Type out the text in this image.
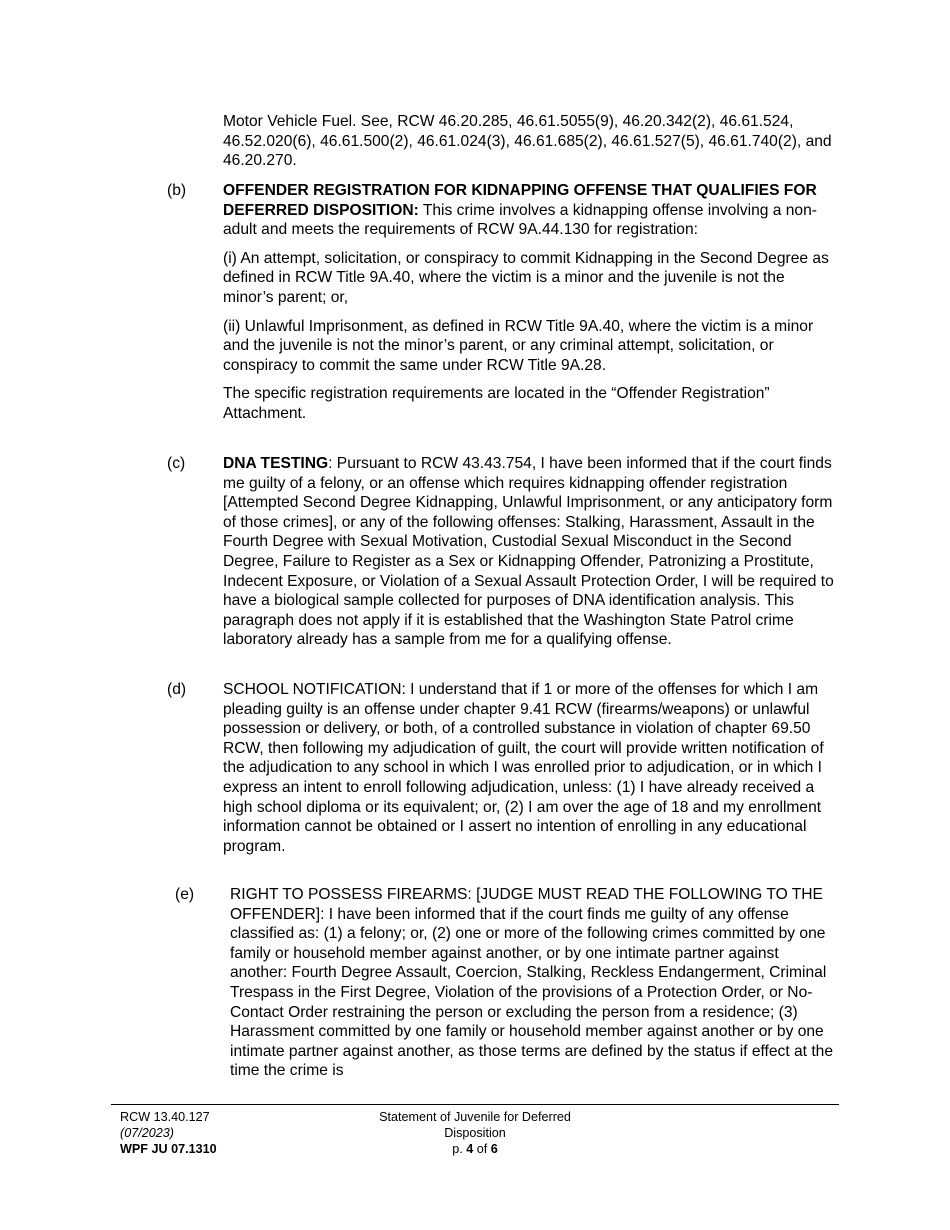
Motor Vehicle Fuel. See, RCW 46.20.285, 46.61.5055(9), 46.20.342(2), 46.61.524, 46.52.020(6), 46.61.500(2), 46.61.024(3), 46.61.685(2), 46.61.527(5), 46.61.740(2), and 46.20.270.

(b)	OFFENDER REGISTRATION FOR KIDNAPPING OFFENSE THAT QUALIFIES FOR DEFERRED DISPOSITION: This crime involves a kidnapping offense involving a non-adult and meets the requirements of RCW 9A.44.130 for registration:

(i) An attempt, solicitation, or conspiracy to commit Kidnapping in the Second Degree as defined in RCW Title 9A.40, where the victim is a minor and the juvenile is not the minor’s parent; or,

(ii) Unlawful Imprisonment, as defined in RCW Title 9A.40, where the victim is a minor and the juvenile is not the minor’s parent, or any criminal attempt, solicitation, or conspiracy to commit the same under RCW Title 9A.28.

The specific registration requirements are located in the “Offender Registration” Attachment.

(c)	DNA TESTING: Pursuant to RCW 43.43.754, I have been informed that if the court finds me guilty of a felony, or an offense which requires kidnapping offender registration [Attempted Second Degree Kidnapping, Unlawful Imprisonment, or any anticipatory form of those crimes], or any of the following offenses: Stalking, Harassment, Assault in the Fourth Degree with Sexual Motivation, Custodial Sexual Misconduct in the Second Degree, Failure to Register as a Sex or Kidnapping Offender, Patronizing a Prostitute, Indecent Exposure, or Violation of a Sexual Assault Protection Order, I will be required to have a biological sample collected for purposes of DNA identification analysis. This paragraph does not apply if it is established that the Washington State Patrol crime laboratory already has a sample from me for a qualifying offense.

(d)	SCHOOL NOTIFICATION: I understand that if 1 or more of the offenses for which I am pleading guilty is an offense under chapter 9.41 RCW (firearms/weapons) or unlawful possession or delivery, or both, of a controlled substance in violation of chapter 69.50 RCW, then following my adjudication of guilt, the court will provide written notification of the adjudication to any school in which I was enrolled prior to adjudication, or in which I express an intent to enroll following adjudication, unless: (1) I have already received a high school diploma or its equivalent; or, (2) I am over the age of 18 and my enrollment information cannot be obtained or I assert no intention of enrolling in any educational program.

(e)	RIGHT TO POSSESS FIREARMS: [JUDGE MUST READ THE FOLLOWING TO THE OFFENDER]: I have been informed that if the court finds me guilty of any offense classified as: (1) a felony; or, (2) one or more of the following crimes committed by one family or household member against another, or by one intimate partner against another: Fourth Degree Assault, Coercion, Stalking, Reckless Endangerment, Criminal Trespass in the First Degree, Violation of the provisions of a Protection Order, or No-Contact Order restraining the person or excluding the person from a residence; (3) Harassment committed by one family or household member against another or by one intimate partner against another, as those terms are defined by the status if effect at the time the crime is

RCW 13.40.127
(07/2023)
WPF JU 07.1310
Statement of Juvenile for Deferred
Disposition
p. 4 of 6
